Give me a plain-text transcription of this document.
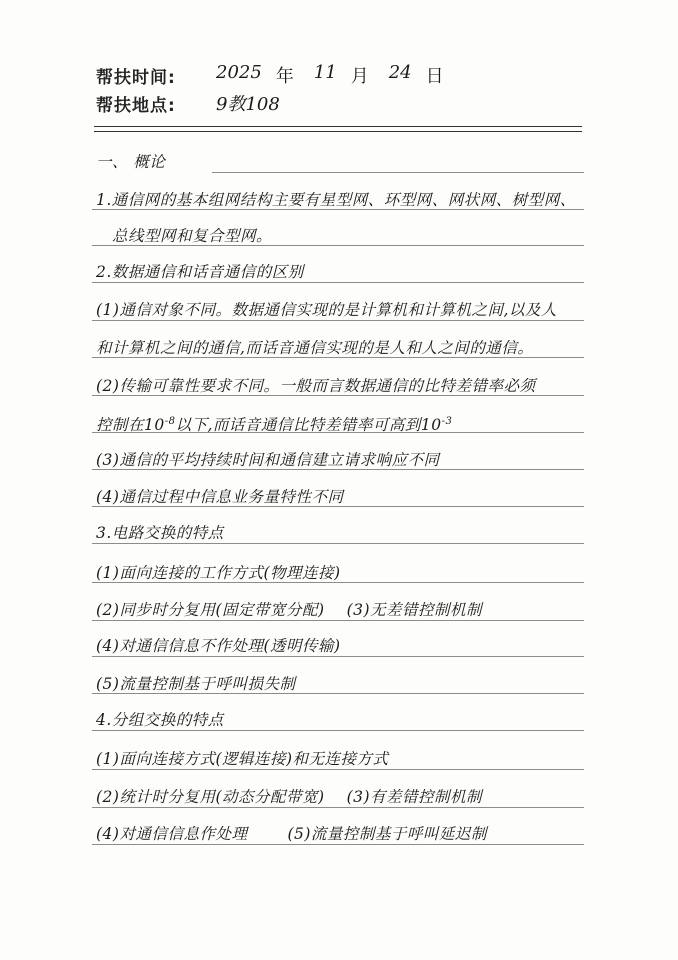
帮扶时间:	2025 年 11 月 24 日
帮扶地点:	9教108
一、 概论
1.通信网的基本组网结构主要有星型网、环型网、网状网、树型网、
总线型网和复合型网。
2.数据通信和话音通信的区别
(1)通信对象不同。数据通信实现的是计算机和计算机之间,以及人
和计算机之间的通信,而话音通信实现的是人和人之间的通信。
(2)传输可靠性要求不同。一般而言数据通信的比特差错率必须
控制在$10^{-8}$以下,而话音通信比特差错率可高到$10^{-3}$
(3)通信的平均持续时间和通信建立请求响应不同
(4)通信过程中信息业务量特性不同
3.电路交换的特点
(1)面向连接的工作方式(物理连接)
(2)同步时分复用(固定带宽分配) (3)无差错控制机制
(4)对通信信息不作处理(透明传输)
(5)流量控制基于呼叫损失制
4.分组交换的特点
(1)面向连接方式(逻辑连接)和无连接方式
(2)统计时分复用(动态分配带宽) (3)有差错控制机制
(4)对通信信息作处理	(5)流量控制基于呼叫延迟制
